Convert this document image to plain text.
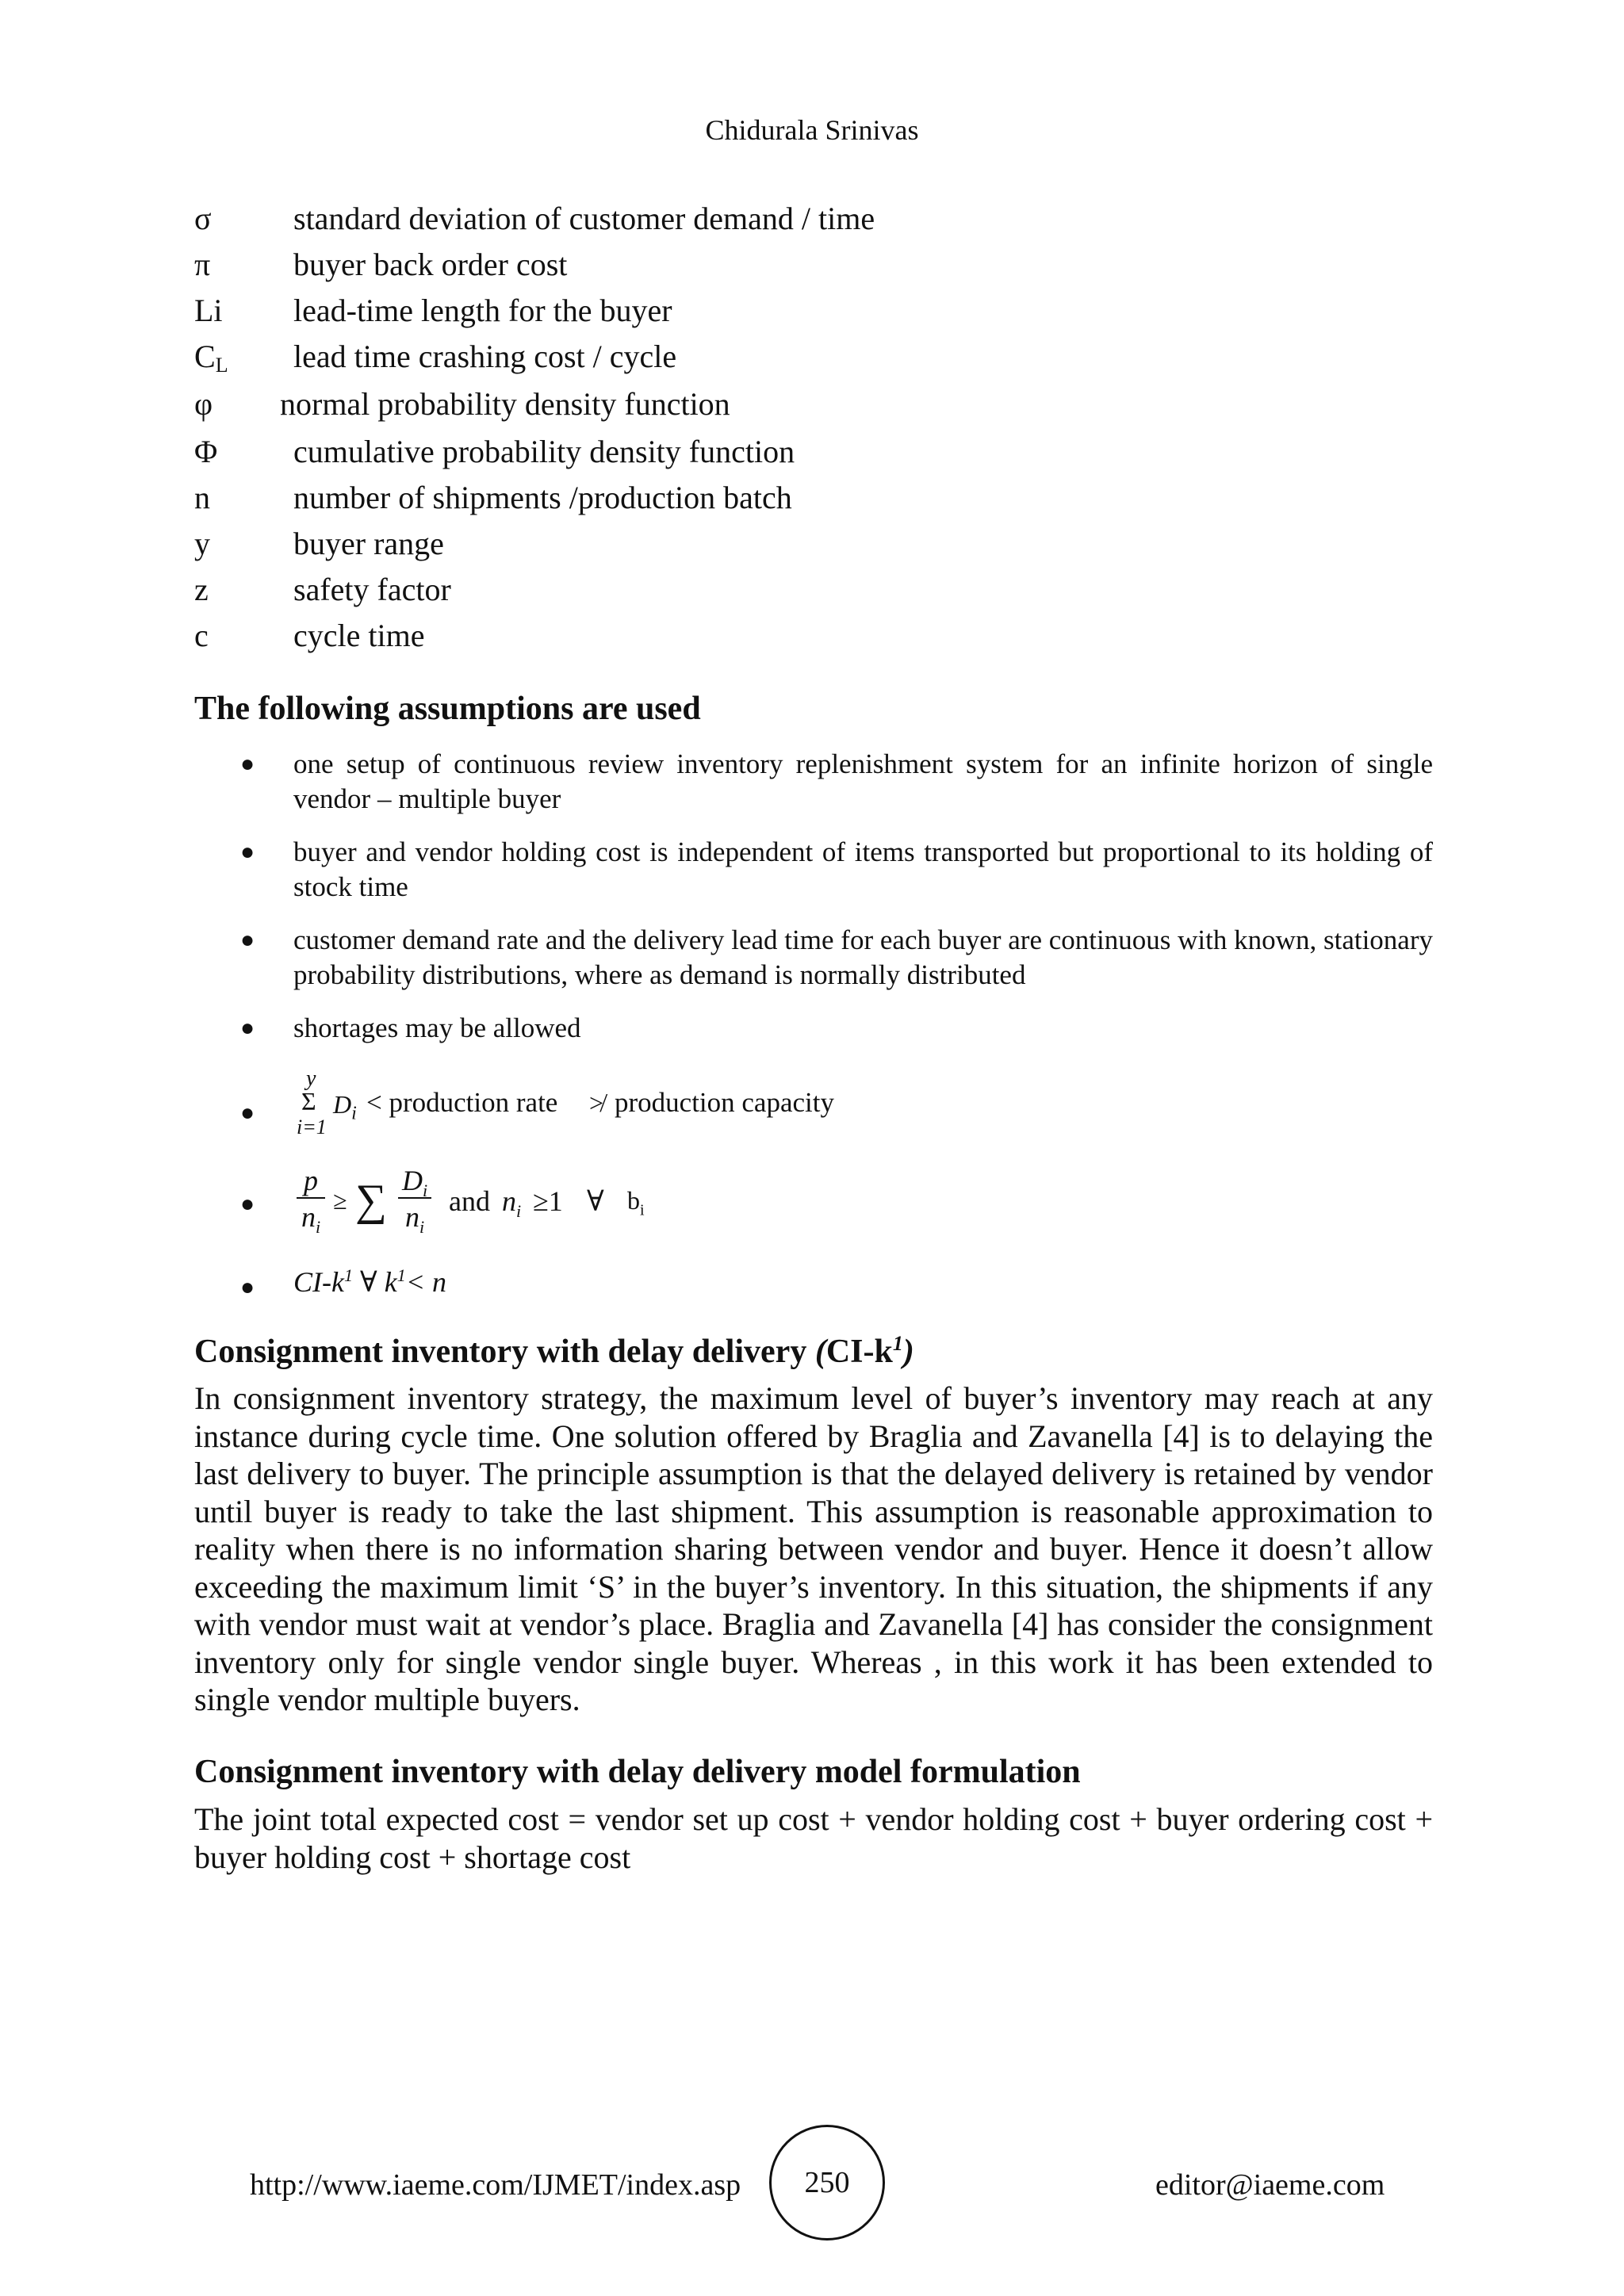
Chidurala Srinivas
σ	standard deviation of customer demand / time
π	buyer back order cost
Li lead-time length for the buyer
$C_L$ lead time crashing cost / cycle
φ normal probability density function
Φ cumulative probability density function
n	number of shipments /production batch
y	buyer range
z	safety factor
c	cycle time
The following assumptions are used
● one setup of continuous review inventory replenishment system for an infinite horizon of single vendor – multiple buyer
● buyer and vendor holding cost is independent of items transported but proportional to its holding of stock time
● customer demand rate and the delivery lead time for each buyer are continuous with known, stationary probability distributions, where as demand is normally distributed
● shortages may be allowed
●
y
Σ
i=1
$D_i$ < production rate ≯ production capacity
●
p
$n_i$
≥ ∑ $D_i$
$n_i$
and $n_i \ge 1$ ∀ $b_i$
● $CI-k^1$ ∀ $k^1< n$
Consignment inventory with delay delivery $(CI-k^1)$
In consignment inventory strategy, the maximum level of buyer’s inventory may reach at any instance during cycle time. One solution offered by Braglia and Zavanella [4] is to delaying the last delivery to buyer. The principle assumption is that the delayed delivery is retained by vendor until buyer is ready to take the last shipment. This assumption is reasonable approximation to reality when there is no information sharing between vendor and buyer. Hence it doesn’t allow exceeding the maximum limit ‘S’ in the buyer’s inventory. In this situation, the shipments if any with vendor must wait at vendor’s place. Braglia and Zavanella [4] has consider the consignment inventory only for single vendor single buyer. Whereas , in this work it has been extended to single vendor multiple buyers.
Consignment inventory with delay delivery model formulation
The joint total expected cost = vendor set up cost + vendor holding cost + buyer ordering cost + buyer holding cost + shortage cost
http://www.iaeme.com/IJMET/index.asp 250	editor@iaeme.com
